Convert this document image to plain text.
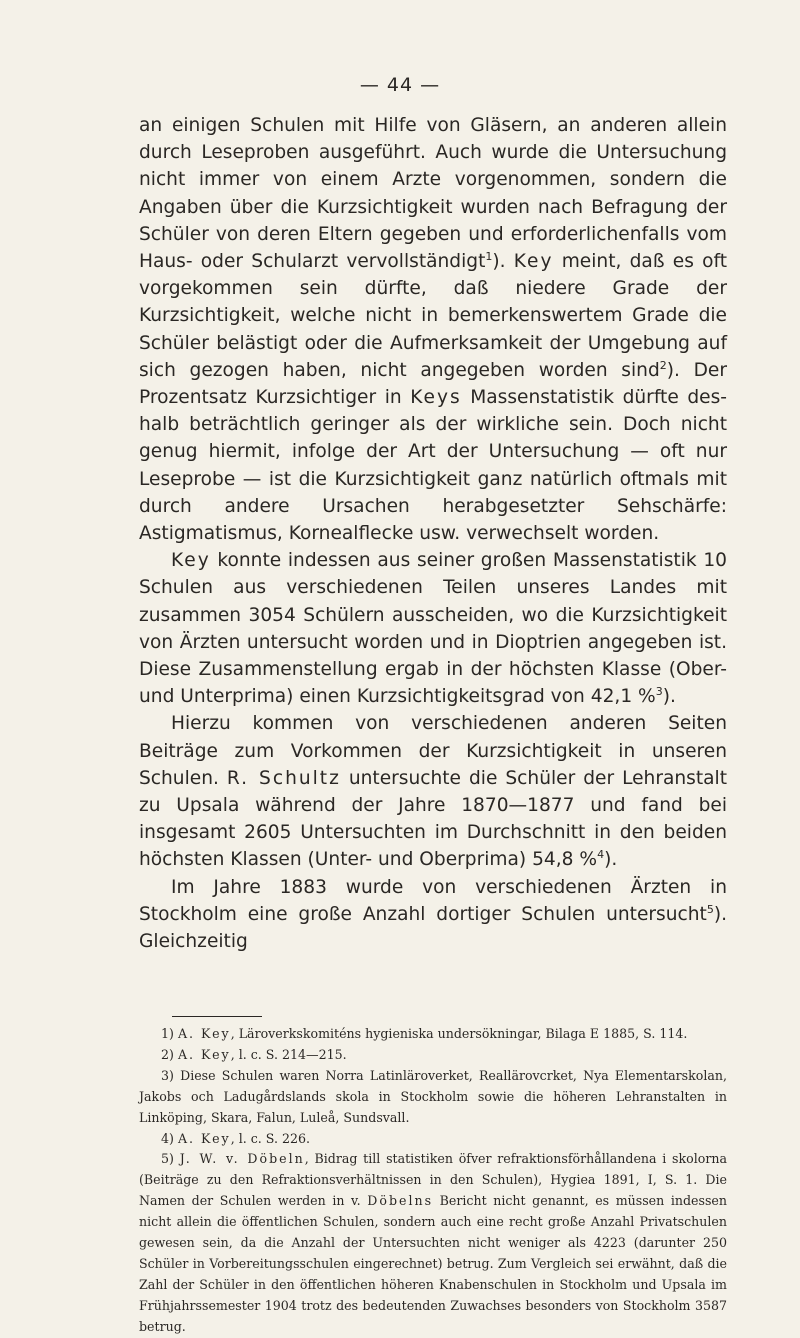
— 44 —

an einigen Schulen mit Hilfe von Gläsern, an anderen allein durch Leseproben ausgeführt. Auch wurde die Untersuchung nicht immer von einem Arzte vorgenommen, sondern die Angaben über die Kurzsichtigkeit wurden nach Befragung der Schüler von deren Eltern gegeben und erforderlichenfalls vom Haus- oder Schularzt vervollständigt$^1$). Key meint, daß es oft vorgekommen sein dürfte, daß niedere Grade der Kurzsichtigkeit, welche nicht in bemerkenswertem Grade die Schüler belästigt oder die Aufmerksamkeit der Umgebung auf sich gezogen haben, nicht angegeben worden sind$^2$). Der Prozentsatz Kurzsichtiger in Keys Massenstatistik dürfte deshalb beträchtlich geringer als der wirkliche sein. Doch nicht genug hiermit, infolge der Art der Untersuchung — oft nur Leseprobe — ist die Kurzsichtigkeit ganz natürlich oftmals mit durch andere Ursachen herabgesetzter Sehschärfe: Astigmatismus, Kornealflecke usw. verwechselt worden.

Key konnte indessen aus seiner großen Massenstatistik 10 Schulen aus verschiedenen Teilen unseres Landes mit zusammen 3054 Schülern ausscheiden, wo die Kurzsichtigkeit von Ärzten untersucht worden und in Dioptrien angegeben ist. Diese Zusammenstellung ergab in der höchsten Klasse (Ober- und Unterprima) einen Kurzsichtigkeitsgrad von 42,1 %$^3$).

Hierzu kommen von verschiedenen anderen Seiten Beiträge zum Vorkommen der Kurzsichtigkeit in unseren Schulen. R. Schultz untersuchte die Schüler der Lehranstalt zu Upsala während der Jahre 1870—1877 und fand bei insgesamt 2605 Untersuchten im Durchschnitt in den beiden höchsten Klassen (Unter- und Oberprima) 54,8 %$^4$).

Im Jahre 1883 wurde von verschiedenen Ärzten in Stockholm eine große Anzahl dortiger Schulen untersucht$^5$). Gleichzeitig

1) A. Key, Läroverkskomiténs hygieniska undersökningar, Bilaga E 1885, S. 114.

2) A. Key, l. c. S. 214—215.

3) Diese Schulen waren Norra Latinläroverket, Reallärovcrket, Nya Elementarskolan, Jakobs och Ladugårdslands skola in Stockholm sowie die höheren Lehranstalten in Linköping, Skara, Falun, Luleå, Sundsvall.

4) A. Key, l. c. S. 226.

5) J. W. v. Döbeln, Bidrag till statistiken öfver refraktionsförhållandena i skolorna (Beiträge zu den Refraktionsverhältnissen in den Schulen), Hygiea 1891, I, S. 1. Die Namen der Schulen werden in v. Döbelns Bericht nicht genannt, es müssen indessen nicht allein die öffentlichen Schulen, sondern auch eine recht große Anzahl Privatschulen gewesen sein, da die Anzahl der Untersuchten nicht weniger als 4223 (darunter 250 Schüler in Vorbereitungsschulen eingerechnet) betrug. Zum Vergleich sei erwähnt, daß die Zahl der Schüler in den öffentlichen höheren Knabenschulen in Stockholm und Upsala im Frühjahrssemester 1904 trotz des bedeutenden Zuwachses besonders von Stockholm 3587 betrug.
